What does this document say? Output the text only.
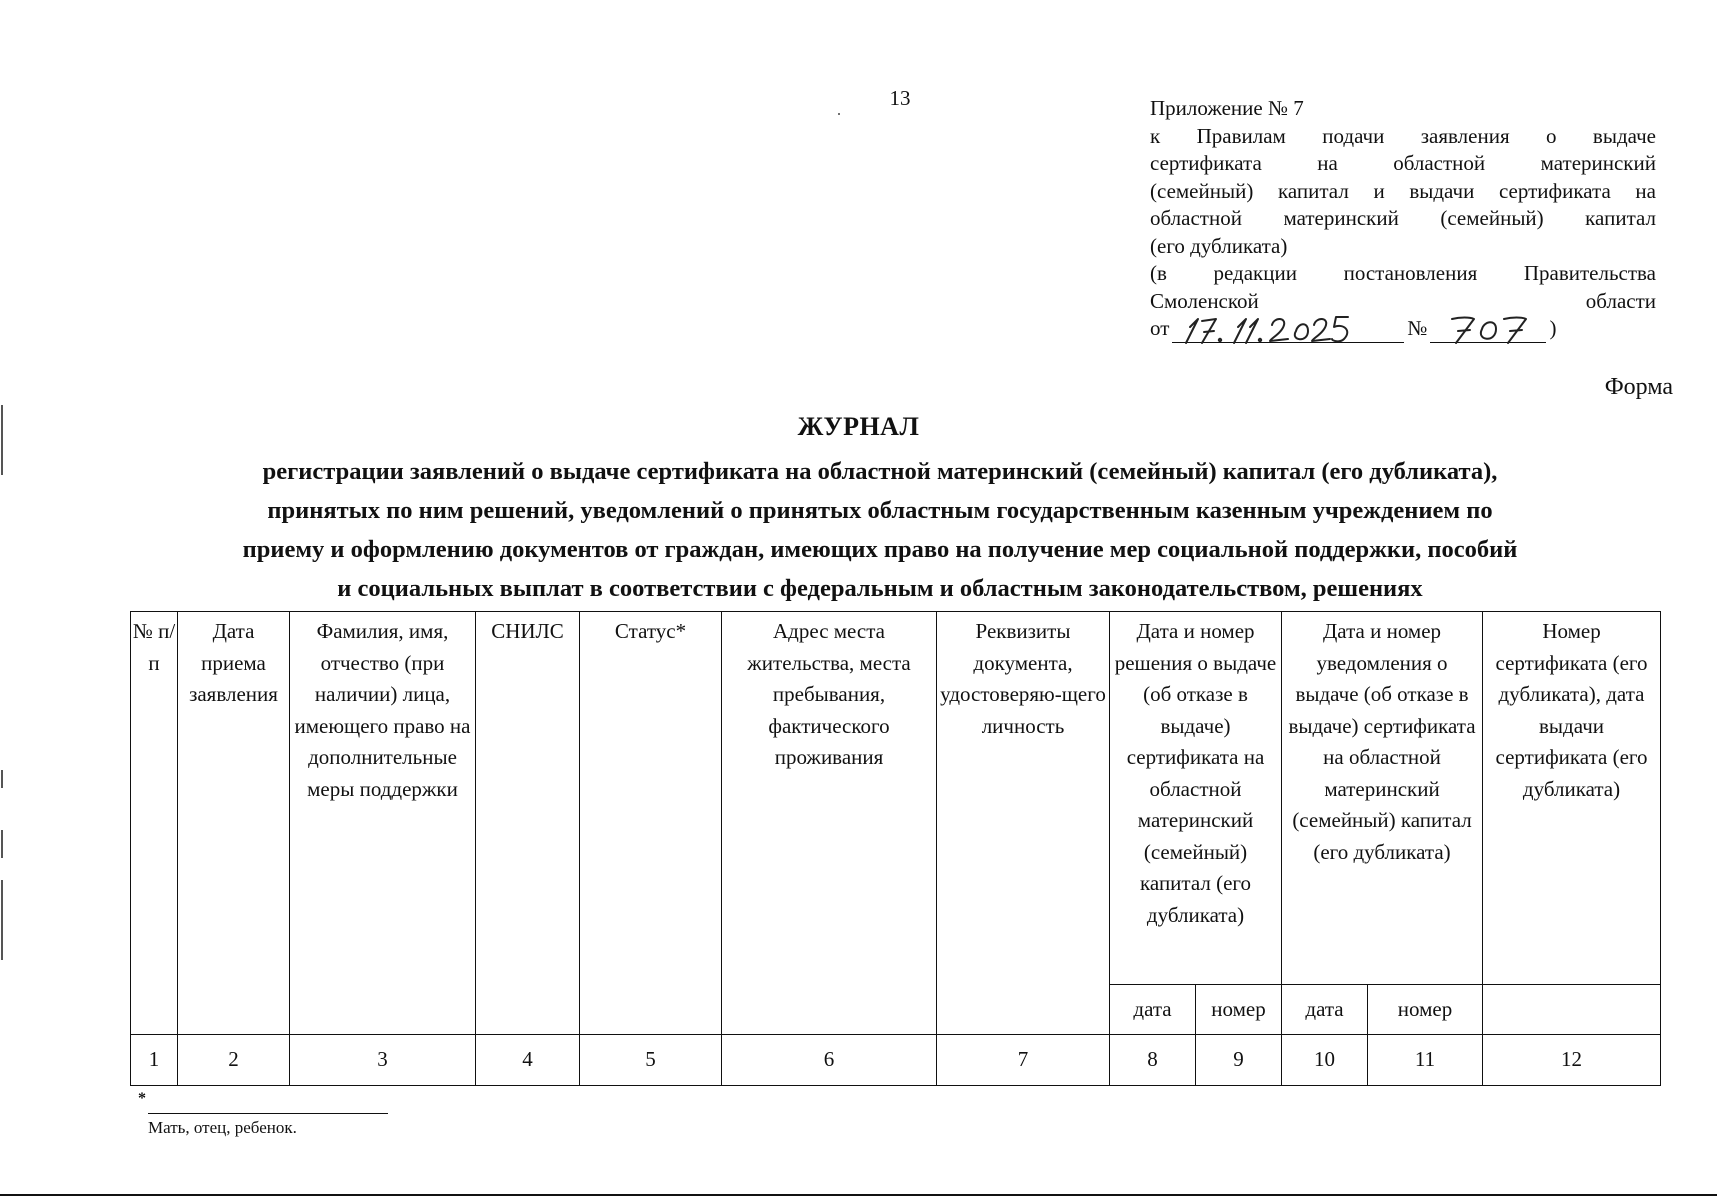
13	Приложение № 7
к Правилам подачи заявления о выдаче
сертификата на областной материнский
(семейный) капитал и выдачи сертификата на
областной материнский (семейный) капитал
(его дубликата)
(в редакции постановления Правительства
Смоленской области
от	№	)
Форма
ЖУРНАЛ
регистрации заявлений о выдаче сертификата на областной материнский (семейный) капитал (его дубликата),
принятых по ним решений, уведомлений о принятых областным государственным казенным учреждением по
приему и оформлению документов от граждан, имеющих право на получение мер социальной поддержки, пособий
и социальных выплат в соответствии с федеральным и областным законодательством, решениях
№ п/п	Дата приема заявления	Фамилия, имя, отчество (при наличии) лица, имеющего право на дополнительные меры поддержки	СНИЛС	Статус*	Адрес места жительства, места пребывания, фактического проживания	Реквизиты документа, удостоверяю-щего личность	Дата и номер решения о выдаче (об отказе в выдаче) сертификата на областной материнский (семейный) капитал (его дубликата)		Дата и номер уведомления о выдаче (об отказе в выдаче) сертификата на областной материнский (семейный) капитал (его дубликата)		Номер сертификата (его дубликата), дата выдачи сертификата (его дубликата)
							дата	номер	дата	номер	
1	2	3	4	5	6	7	8	9	10	11	12
*
Мать, отец, ребенок.
